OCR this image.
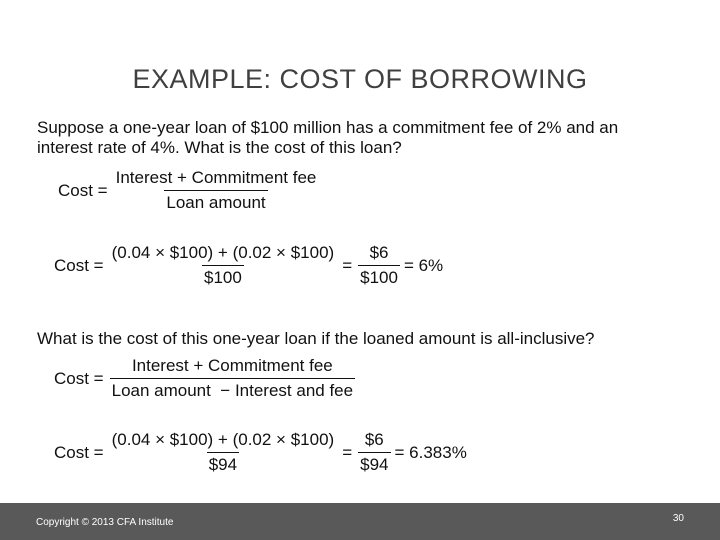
EXAMPLE: COST OF BORROWING
Suppose a one-year loan of $100 million has a commitment fee of 2% and an interest rate of 4%. What is the cost of this loan?
Cost = $\frac{\text{Interest + Commitment fee}}{\text{Loan amount}}$
Cost = $\frac{(0.04 \times \$100) + (0.02 \times \$100)}{\$100} = \frac{\$6}{\$100} = 6\%$
What is the cost of this one-year loan if the loaned amount is all-inclusive?
Cost = $\frac{\text{Interest + Commitment fee}}{\text{Loan amount  − Interest and fee}}$
Cost = $\frac{(0.04 \times \$100) + (0.02 \times \$100)}{\$94} = \frac{\$6}{\$94} = 6.383\%$
Copyright © 2013 CFA Institute	30
